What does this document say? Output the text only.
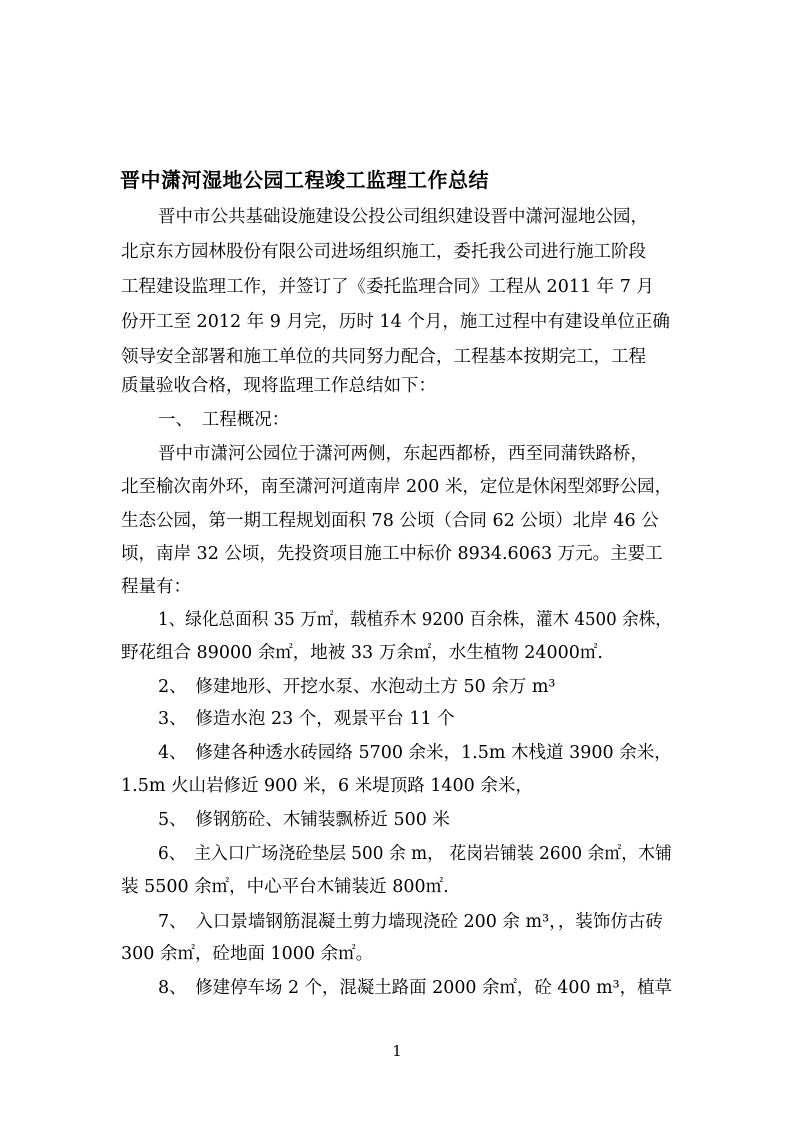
晋中潇河湿地公园工程竣工监理工作总结
晋中市公共基础设施建设公投公司组织建设晋中潇河湿地公园，
北京东方园林股份有限公司进场组织施工，委托我公司进行施工阶段
工程建设监理工作，并签订了《委托监理合同》工程从 2011 年 7 月
份开工至 2012 年 9 月完，历时 14 个月，施工过程中有建设单位正确
领导安全部署和施工单位的共同努力配合，工程基本按期完工，工程
质量验收合格，现将监理工作总结如下：
一、　工程概况：
晋中市潇河公园位于潇河两侧，东起西都桥，西至同蒲铁路桥，
北至榆次南外环，南至潇河河道南岸 200 米，定位是休闲型郊野公园，
生态公园，第一期工程规划面积 78 公顷（合同 62 公顷）北岸 46 公
顷，南岸 32 公顷，先投资项目施工中标价 8934.6063 万元。主要工
程量有：
1、绿化总面积 35 万㎡，载植乔木 9200 百余株，灌木 4500 余株，
野花组合 89000 余㎡，地被 33 万余㎡，水生植物 24000㎡.
2、　修建地形、开挖水泵、水泡动土方 50 余万 m³
3、　修造水泡 23 个，观景平台 11 个
4、　修建各种透水砖园络 5700 余米，1.5m 木栈道 3900 余米，
1.5m 火山岩修近 900 米，6 米堤顶路 1400 余米，
5、　修钢筋砼、木铺装飘桥近 500 米
6、　主入口广场浇砼垫层 500 余 m， 花岗岩铺装 2600 余㎡，木铺
装 5500 余㎡，中心平台木铺装近 800㎡.
7、　入口景墙钢筋混凝土剪力墙现浇砼 200 余 m³，，装饰仿古砖
300 余㎡，砼地面 1000 余㎡。
8、　修建停车场 2 个，混凝土路面 2000 余㎡，砼 400 m³，植草
1
